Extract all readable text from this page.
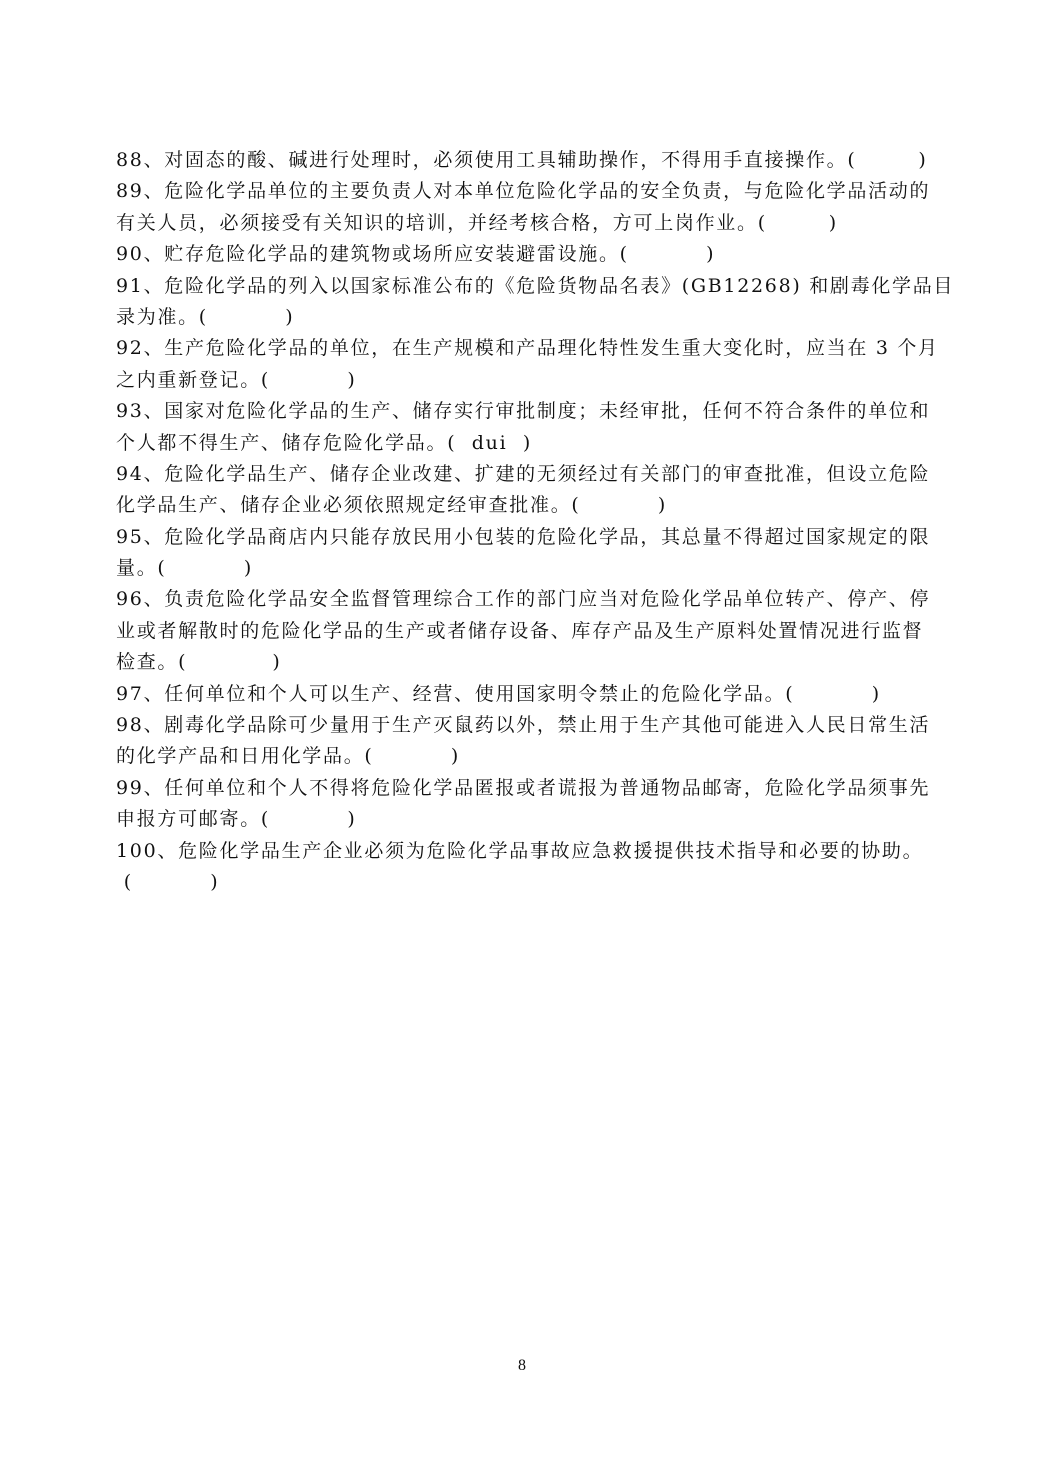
88、对固态的酸、碱进行处理时，必须使用工具辅助操作，不得用手直接操作。(        )
89、危险化学品单位的主要负责人对本单位危险化学品的安全负责，与危险化学品活动的
有关人员，必须接受有关知识的培训，并经考核合格，方可上岗作业。(        )
90、贮存危险化学品的建筑物或场所应安装避雷设施。(          )
91、危险化学品的列入以国家标准公布的《危险货物品名表》(GB12268) 和剧毒化学品目
录为准。(          )
92、生产危险化学品的单位，在生产规模和产品理化特性发生重大变化时，应当在 3 个月
之内重新登记。(          )
93、国家对危险化学品的生产、储存实行审批制度；未经审批，任何不符合条件的单位和
个人都不得生产、储存危险化学品。(  dui  )
94、危险化学品生产、储存企业改建、扩建的无须经过有关部门的审查批准，但设立危险
化学品生产、储存企业必须依照规定经审查批准。(          )
95、危险化学品商店内只能存放民用小包装的危险化学品，其总量不得超过国家规定的限
量。(          )
96、负责危险化学品安全监督管理综合工作的部门应当对危险化学品单位转产、停产、停
业或者解散时的危险化学品的生产或者储存设备、库存产品及生产原料处置情况进行监督
检查。(           )
97、任何单位和个人可以生产、经营、使用国家明令禁止的危险化学品。(          )
98、剧毒化学品除可少量用于生产灭鼠药以外，禁止用于生产其他可能进入人民日常生活
的化学产品和日用化学品。(          )
99、任何单位和个人不得将危险化学品匿报或者谎报为普通物品邮寄，危险化学品须事先
申报方可邮寄。(          )
100、危险化学品生产企业必须为危险化学品事故应急救援提供技术指导和必要的协助。
(          )
8
